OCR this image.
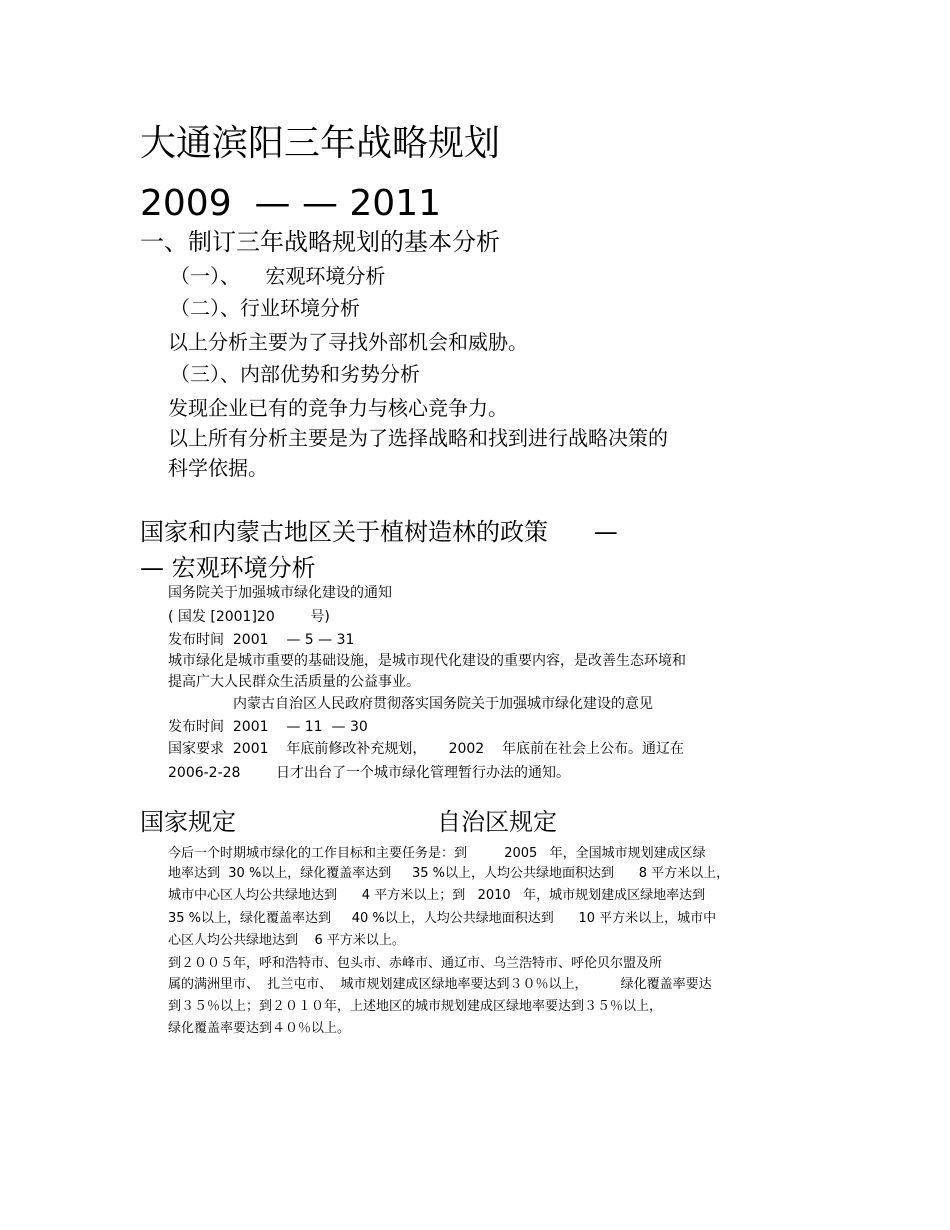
大通滨阳三年战略规划
2009  — — 2011
一、制订三年战略规划的基本分析
（一）、    宏观环境分析
（二）、行业环境分析
以上分析主要为了寻找外部机会和威胁。
（三）、内部优势和劣势分析
发现企业已有的竞争力与核心竞争力。
以上所有分析主要是为了选择战略和找到进行战略决策的
科学依据。
国家和内蒙古地区关于植树造林的政策      —
— 宏观环境分析
国务院关于加强城市绿化建设的通知
( 国发 [2001]20        号)
发布时间  2001    — 5 — 31
城市绿化是城市重要的基础设施，是城市现代化建设的重要内容，是改善生态环境和
提高广大人民群众生活质量的公益事业。
内蒙古自治区人民政府贯彻落实国务院关于加强城市绿化建设的意见
发布时间  2001    — 11  — 30
国家要求  2001    年底前修改补充规划，     2002    年底前在社会上公布。通辽在
2006-2-28        日才出台了一个城市绿化管理暂行办法的通知。
国家规定	自治区规定
今后一个时期城市绿化的工作目标和主要任务是：到         2005   年，全国城市规划建成区绿
地率达到  30 %以上，绿化覆盖率达到     35 %以上，人均公共绿地面积达到      8 平方米以上，
城市中心区人均公共绿地达到      4 平方米以上；到   2010   年，城市规划建成区绿地率达到
35 %以上，绿化覆盖率达到     40 %以上，人均公共绿地面积达到      10 平方米以上，城市中
心区人均公共绿地达到    6 平方米以上。
到２００５年，呼和浩特市、包头市、赤峰市、通辽市、乌兰浩特市、呼伦贝尔盟及所
属的满洲里市、  扎兰屯市、  城市规划建成区绿地率要达到３０％以上，        绿化覆盖率要达
到３５％以上；到２０１０年，上述地区的城市规划建成区绿地率要达到３５％以上，
绿化覆盖率要达到４０％以上。
